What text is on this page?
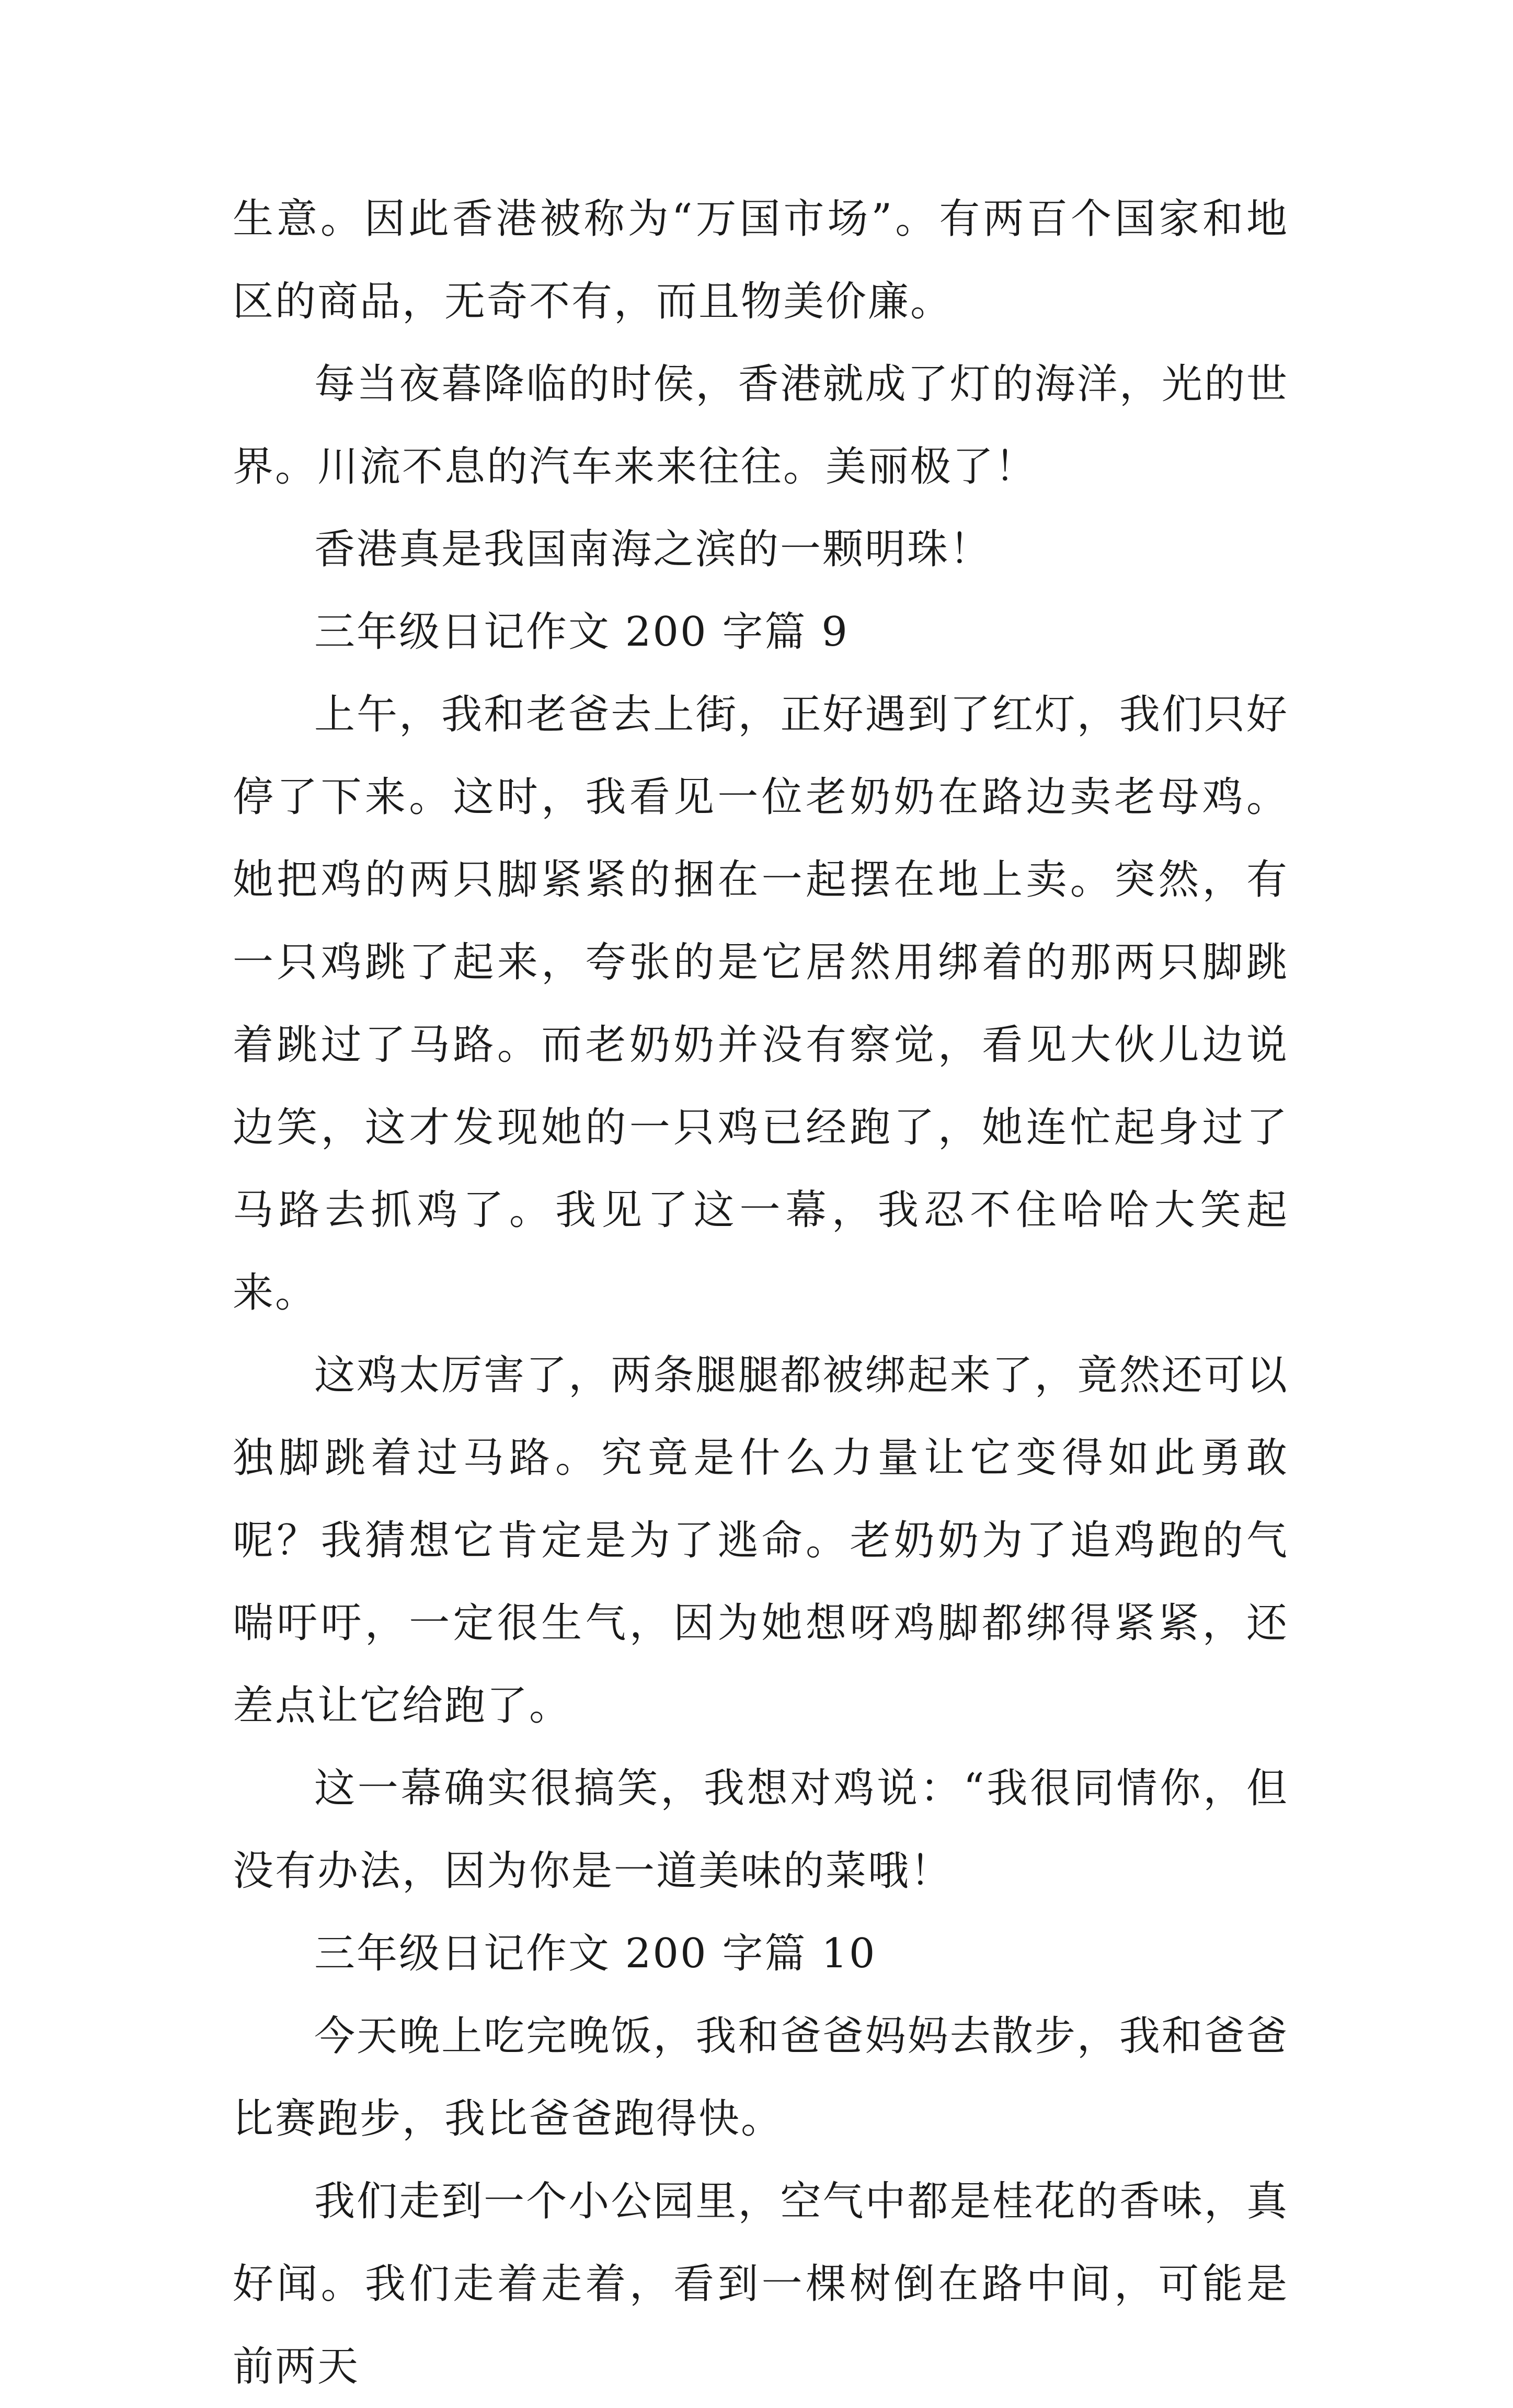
生意。因此香港被称为“万国市场”。有两百个国家和地区的商品，无奇不有，而且物美价廉。

每当夜暮降临的时侯，香港就成了灯的海洋，光的世界。川流不息的汽车来来往往。美丽极了！

香港真是我国南海之滨的一颗明珠！

三年级日记作文 200 字篇 9

上午，我和老爸去上街，正好遇到了红灯，我们只好停了下来。这时，我看见一位老奶奶在路边卖老母鸡。她把鸡的两只脚紧紧的捆在一起摆在地上卖。突然，有一只鸡跳了起来，夸张的是它居然用绑着的那两只脚跳着跳过了马路。而老奶奶并没有察觉，看见大伙儿边说边笑，这才发现她的一只鸡已经跑了，她连忙起身过了马路去抓鸡了。我见了这一幕，我忍不住哈哈大笑起来。

这鸡太厉害了，两条腿腿都被绑起来了，竟然还可以独脚跳着过马路。究竟是什么力量让它变得如此勇敢呢？我猜想它肯定是为了逃命。老奶奶为了追鸡跑的气喘吁吁，一定很生气，因为她想呀鸡脚都绑得紧紧，还差点让它给跑了。

这一幕确实很搞笑，我想对鸡说：“我很同情你，但没有办法，因为你是一道美味的菜哦！

三年级日记作文 200 字篇 10

今天晚上吃完晚饭，我和爸爸妈妈去散步，我和爸爸比赛跑步，我比爸爸跑得快。

我们走到一个小公园里，空气中都是桂花的香味，真好闻。我们走着走着，看到一棵树倒在路中间，可能是前两天
